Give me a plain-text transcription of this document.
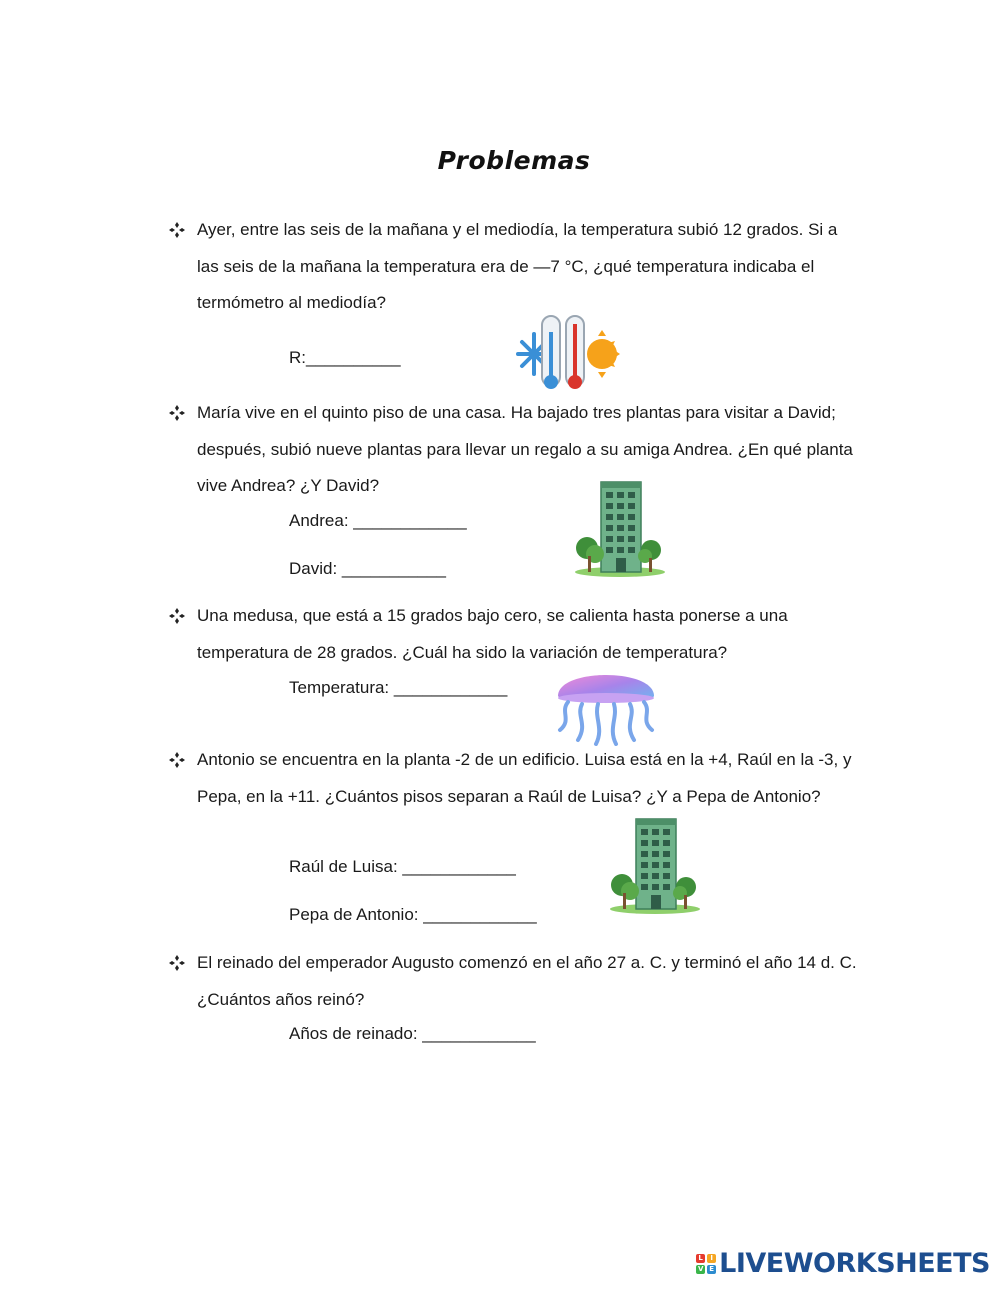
Problemas
Ayer, entre las seis de la mañana y el mediodía, la temperatura subió 12 grados. Si a las seis de la mañana la temperatura era de —7 °C, ¿qué temperatura indicaba el termómetro al mediodía?
R:__________
María vive en el quinto piso de una casa. Ha bajado tres plantas para visitar a David; después, subió nueve plantas para llevar un regalo a su amiga Andrea. ¿En qué planta vive Andrea? ¿Y David?
Andrea: ____________
David: ___________
Una medusa, que está a 15 grados bajo cero, se calienta hasta ponerse a una temperatura de 28 grados. ¿Cuál ha sido la variación de temperatura?
Temperatura: ____________
Antonio se encuentra en la planta -2 de un edificio. Luisa está en la +4, Raúl en la -3, y Pepa, en la +11. ¿Cuántos pisos separan a Raúl de Luisa? ¿Y a Pepa de Antonio?
Raúl de Luisa: ____________
Pepa de Antonio: ____________
El reinado del emperador Augusto comenzó en el año 27 a. C. y terminó el año 14 d. C. ¿Cuántos años reinó?
Años de reinado: ____________
L	I
V E LIVEWORKSHEETS
